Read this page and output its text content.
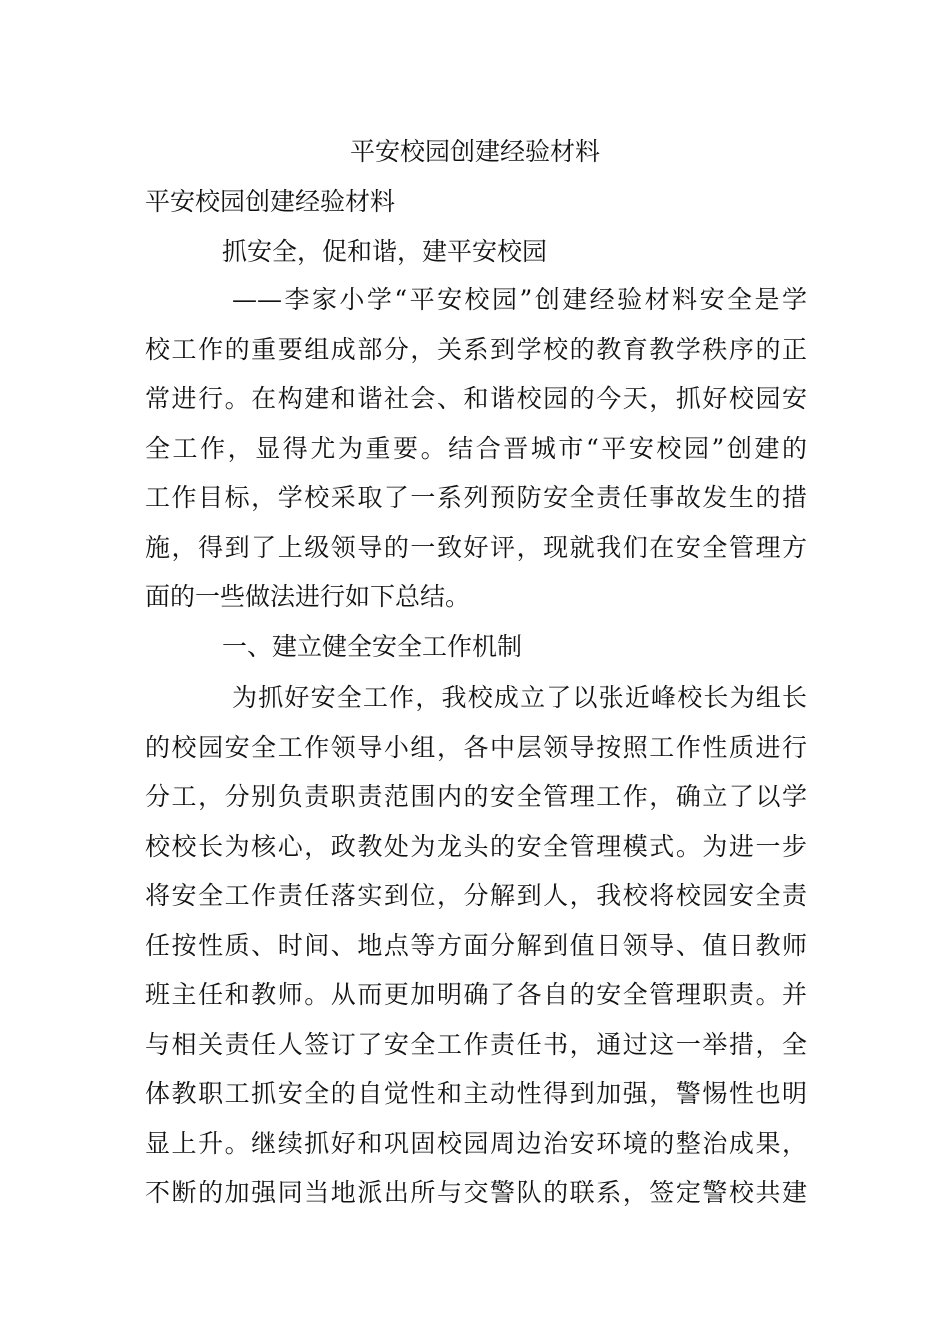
平安校园创建经验材料
平安校园创建经验材料
抓安全，促和谐，建平安校园
——李家小学“平安校园”创建经验材料安全是学
校工作的重要组成部分，关系到学校的教育教学秩序的正
常进行。在构建和谐社会、和谐校园的今天，抓好校园安
全工作，显得尤为重要。结合晋城市“平安校园”创建的
工作目标，学校采取了一系列预防安全责任事故发生的措
施，得到了上级领导的一致好评，现就我们在安全管理方
面的一些做法进行如下总结。
一、建立健全安全工作机制
为抓好安全工作，我校成立了以张近峰校长为组长
的校园安全工作领导小组，各中层领导按照工作性质进行
分工，分别负责职责范围内的安全管理工作，确立了以学
校校长为核心，政教处为龙头的安全管理模式。为进一步
将安全工作责任落实到位，分解到人，我校将校园安全责
任按性质、时间、地点等方面分解到值日领导、值日教师
班主任和教师。从而更加明确了各自的安全管理职责。并
与相关责任人签订了安全工作责任书，通过这一举措，全
体教职工抓安全的自觉性和主动性得到加强，警惕性也明
显上升。继续抓好和巩固校园周边治安环境的整治成果，
不断的加强同当地派出所与交警队的联系，签定警校共建
